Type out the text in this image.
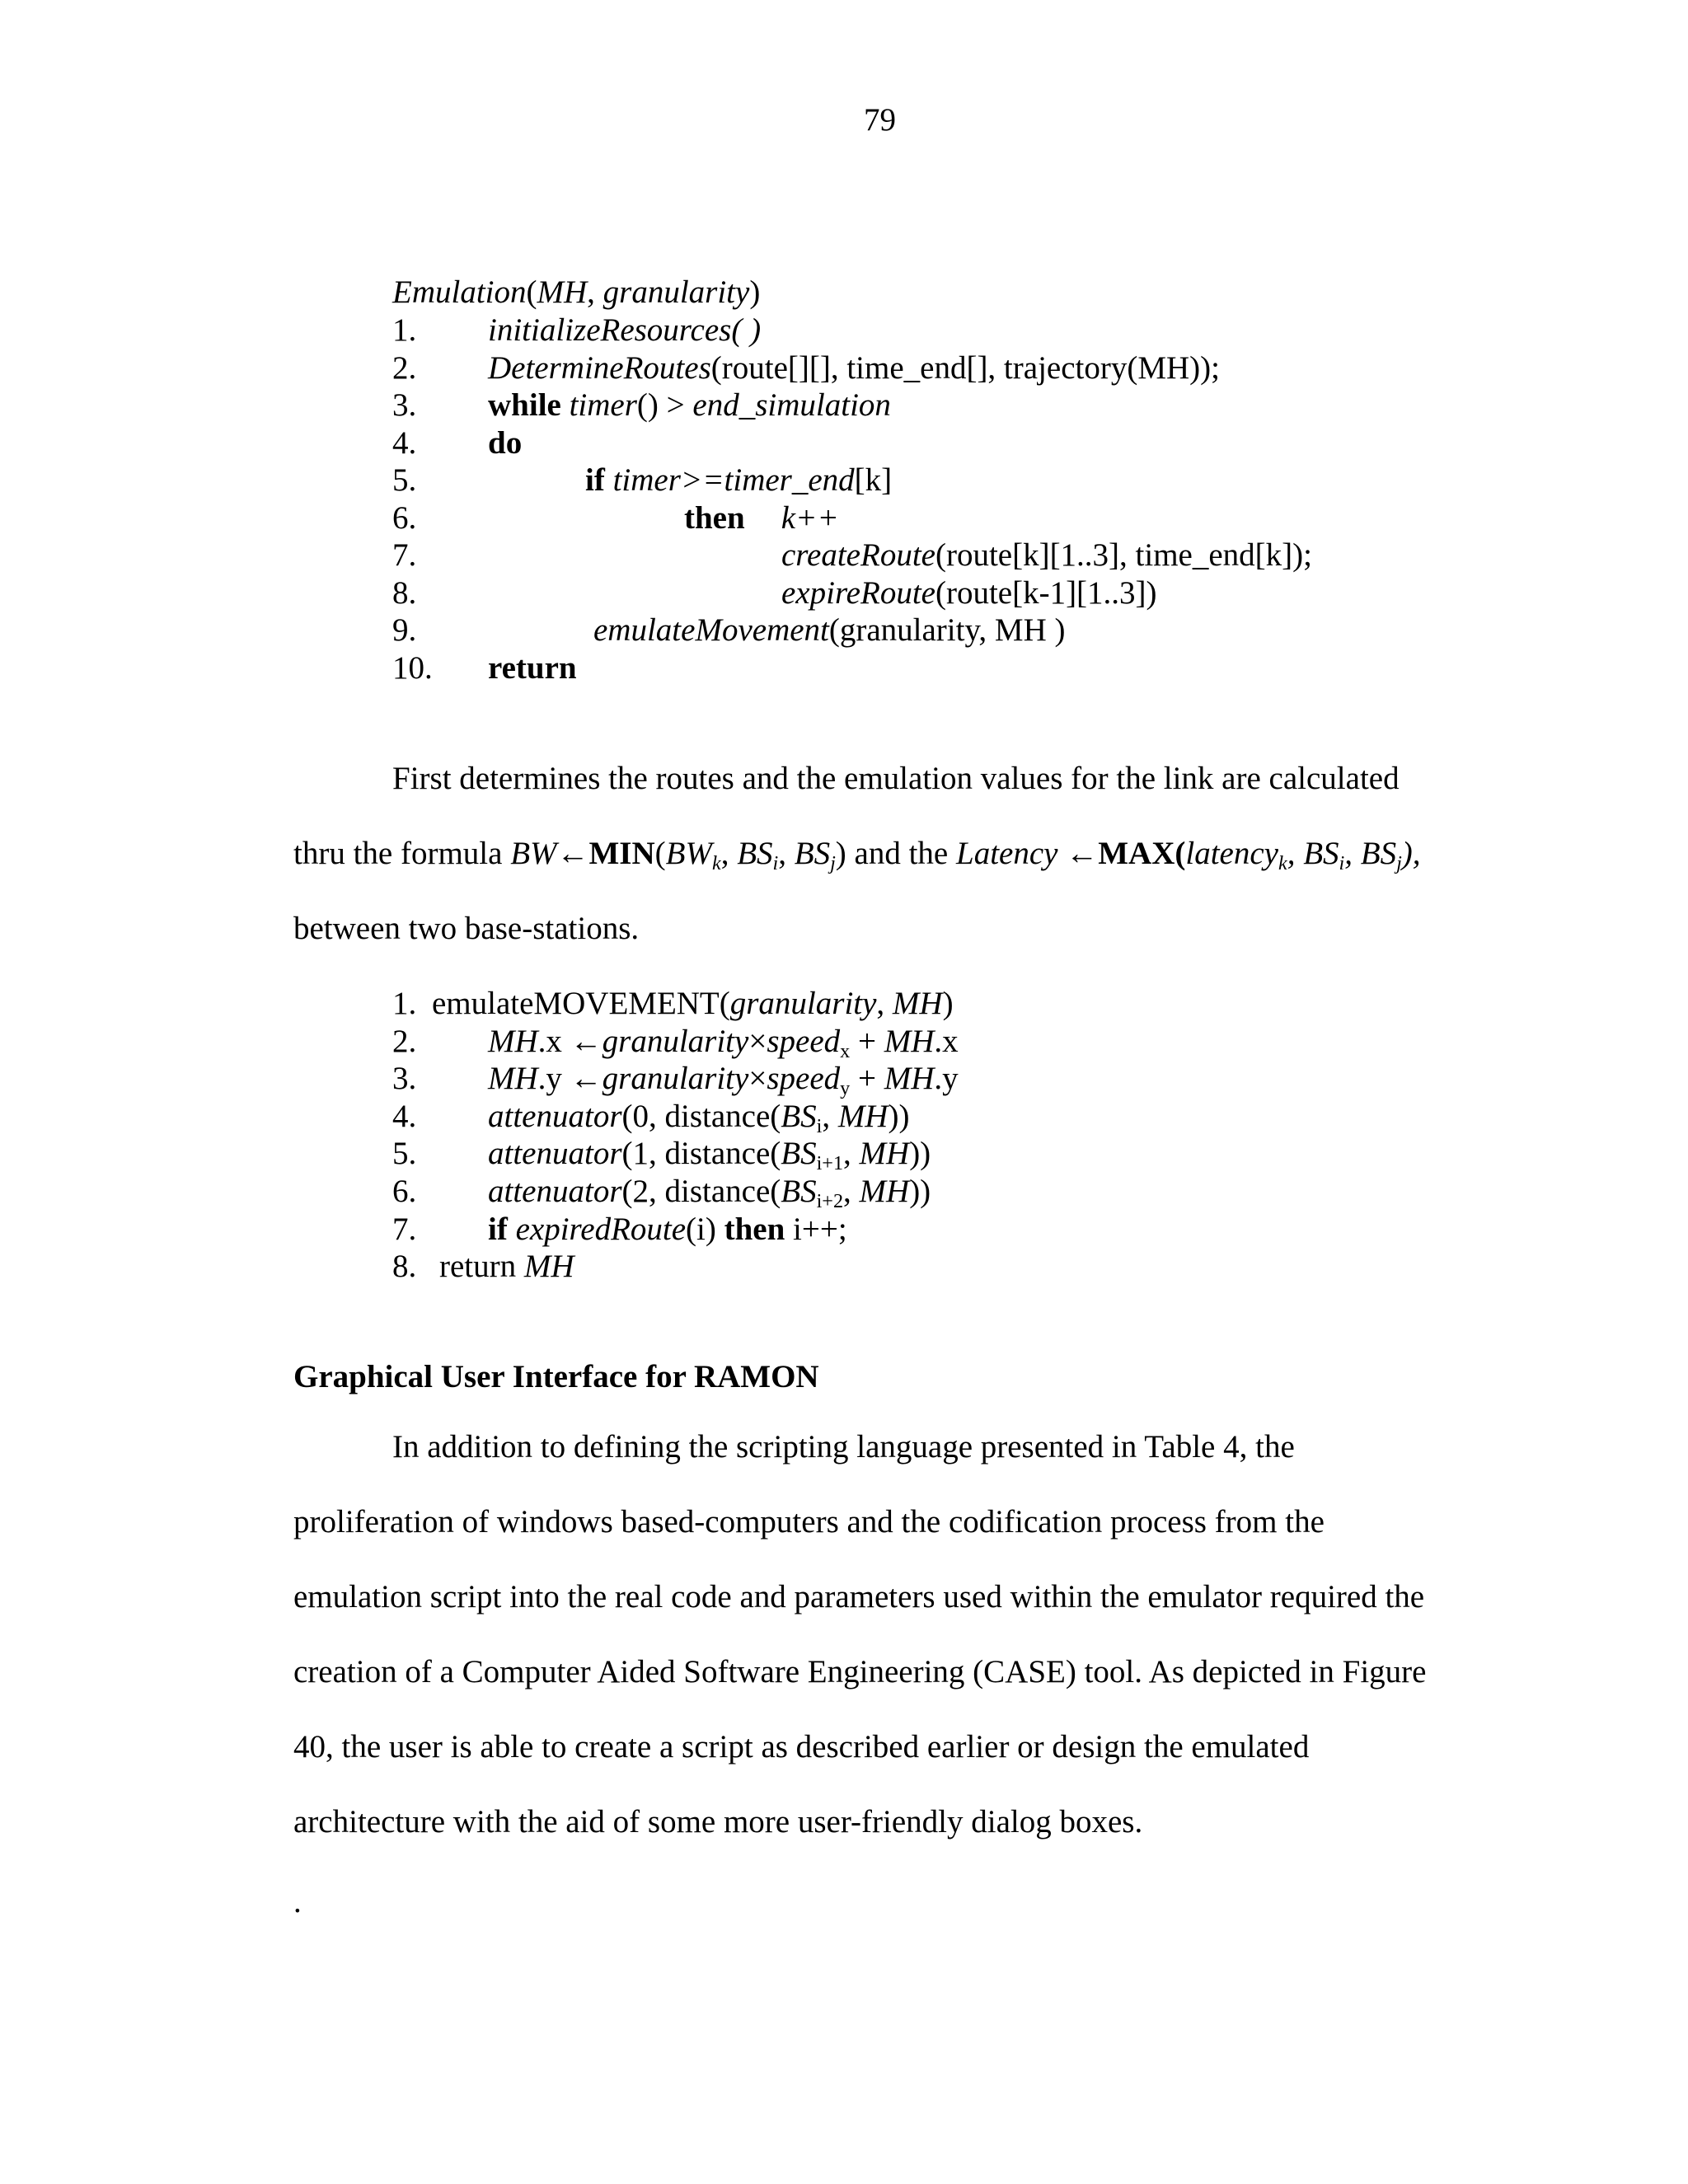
79
Emulation(MH, granularity)
1. initializeResources( )
2. DetermineRoutes(route[][], time_end[], trajectory(MH));
3. while timer() > end_simulation
4. do
5.	if timer>=timer_end[k]
6.	then k++
7.	createRoute(route[k][1..3], time_end[k]);
8.	expireRoute(route[k-1][1..3])
9.	emulateMovement(granularity, MH )
10. return
First determines the routes and the emulation values for the link are calculated
thru the formula $BW\leftarrow MIN(BW_k$, $BS_i$, $BS_j$) and the Latency ←MAX(latency$_k$, $BS_i$, $BS_j$),
between two base-stations.
1. emulateMOVEMENT(granularity, MH)
2. MH.x ←granularity×speed$_x$ + MH.x
3. MH.y ←granularity×speed$_y$ + MH.y
4. attenuator(0, $distance(BS_i$, MH))
5. attenuator(1, $distance(BS_{i+1}$, MH))
6. attenuator(2, $distance(BS_{i+2}$, MH))
7. if expiredRoute(i) then i++;
8. return MH
Graphical User Interface for RAMON
In addition to defining the scripting language presented in Table 4, the
proliferation of windows based-computers and the codification process from the
emulation script into the real code and parameters used within the emulator required the
creation of a Computer Aided Software Engineering (CASE) tool. As depicted in Figure
40, the user is able to create a script as described earlier or design the emulated
architecture with the aid of some more user-friendly dialog boxes.
.
